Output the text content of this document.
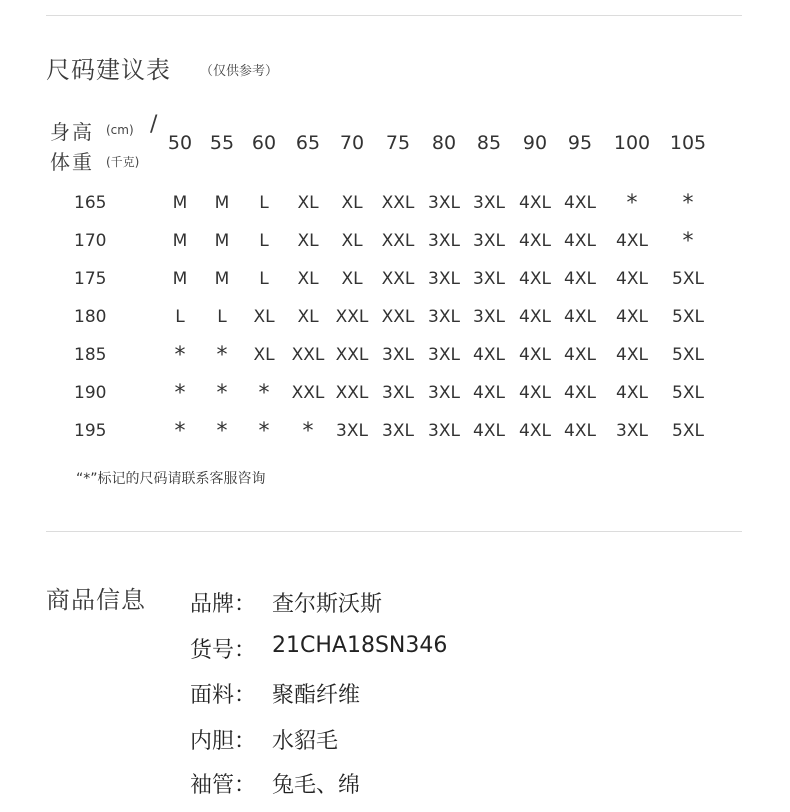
尺码建议表 （仅供参考）
身高 (cm) /
体重 (千克)
50 55 60 65 70 75 80 85 90 95 100 105
165	M M L XL XL XXL 3XL 3XL 4XL 4XL * *
170	M M L XL XL XXL 3XL 3XL 4XL 4XL 4XL *
175	M M L XL XL XXL 3XL 3XL 4XL 4XL 4XL 5XL
180	L L XL XL XXL XXL 3XL 3XL 4XL 4XL 4XL 5XL
185	* * XL XXL XXL 3XL 3XL 4XL 4XL 4XL 4XL 5XL
190	* * * XXL XXL 3XL 3XL 4XL 4XL 4XL 4XL 5XL
195	* * * * 3XL 3XL 3XL 4XL 4XL 4XL 3XL 5XL
“*”标记的尺码请联系客服咨询
商品信息 品牌： 查尔斯沃斯
货号： 21CHA18SN346
面料： 聚酯纤维
内胆： 水貂毛
袖管： 兔毛、绵
